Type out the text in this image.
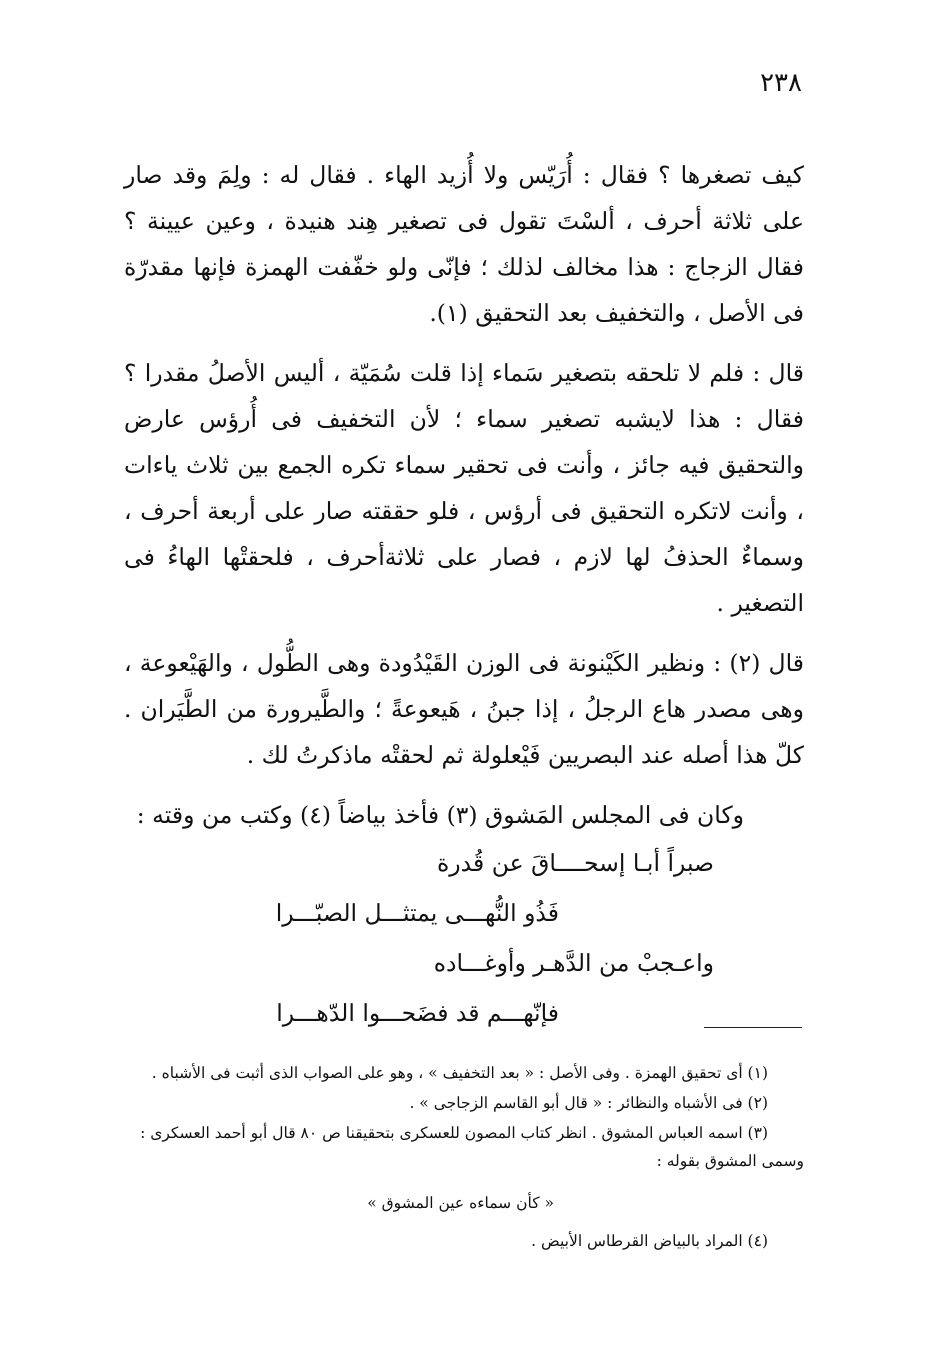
٢٣٨

كيف تصغرها ؟ فقال : أُرَيّس ولا أُزيد الهاء . فقال له : ولِمَ وقد صار على ثلاثة أحرف ، ألسْتَ تقول فى تصغير هِند هنيدة ، وعين عيينة ؟ فقال الزجاج : هذا مخالف لذلك ؛ فإنّى ولو خفّفت الهمزة فإنها مقدرّة فى الأصل ، والتخفيف بعد التحقيق (١).

قال : فلم لا تلحقه بتصغير سَماء إذا قلت سُمَيّة ، أليس الأصلُ مقدرا ؟ فقال : هذا لايشبه تصغير سماء ؛ لأن التخفيف فى أُرؤس عارض والتحقيق فيه جائز ، وأنت فى تحقير سماء تكره الجمع بين ثلاث ياءات ، وأنت لاتكره التحقيق فى أرؤس ، فلو حققته صار على أربعة أحرف ، وسماءٌ الحذفُ لها لازم ، فصار على ثلاثةأحرف ، فلحقتْها الهاءُ فى التصغير .

قال (٢) : ونظير الكَيْنونة فى الوزن القَيْدُودة وهى الطُّول ، والهَيْعوعة ، وهى مصدر هاع الرجلُ ، إذا جبنُ ، هَيعوعةً ؛ والطَّيرورة من الطَّيَران . كلّ هذا أصله عند البصريين فَيْعلولة ثم لحقتْه ماذكرتُ لك .

وكان فى المجلس المَشوق (٣) فأخذ بياضاً (٤) وكتب من وقته :

صبراً أبـا إسحــــاقَ عن قُدرة

فَذُو النُّهـــى يمتثـــل الصبّـــرا

واعـجبْ من الدَّهـر وأوغـــاده

فإنّهـــم قد فضَحـــوا الدّهـــرا

(١) أى تحقيق الهمزة . وفى الأصل : « بعد التخفيف » ، وهو على الصواب الذى أثبت فى الأشباه .

(٢) فى الأشباه والنظائر : « قال أبو القاسم الزجاجى » .

(٣) اسمه العباس المشوق . انظر كتاب المصون للعسكرى بتحقيقنا ص ٨٠ قال أبو أحمد العسكرى :

وسمى المشوق بقوله :

« كأن سماءه عين المشوق »

(٤) المراد بالبياض القرطاس الأبيض .
